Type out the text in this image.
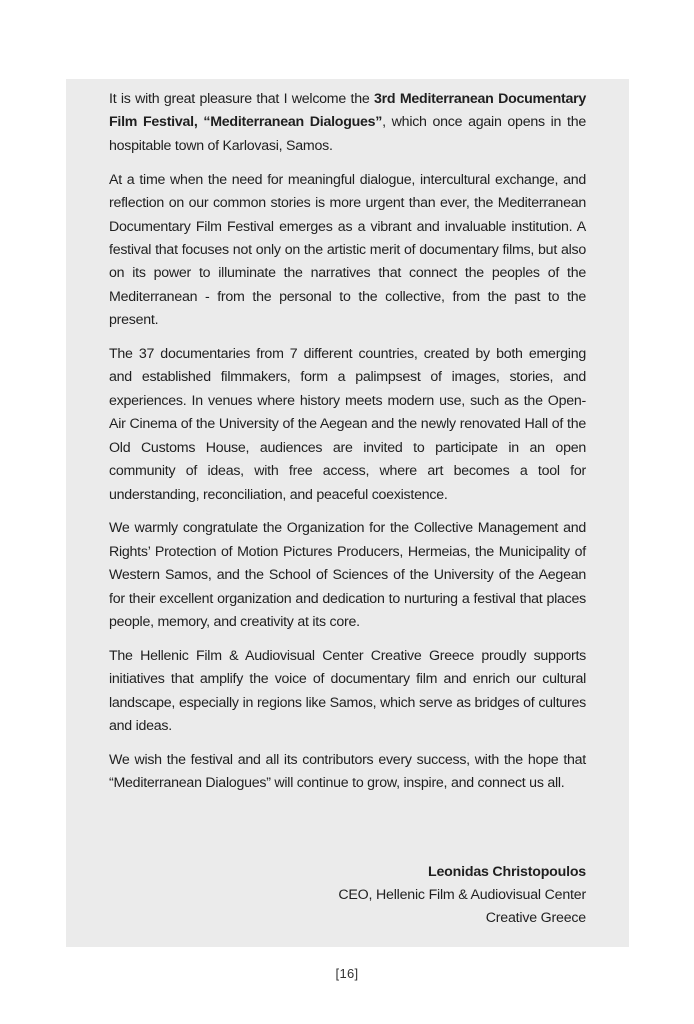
It is with great pleasure that I welcome the 3rd Mediterranean Documentary Film Festival, “Mediterranean Dialogues”, which once again opens in the hospitable town of Karlovasi, Samos.

At a time when the need for meaningful dialogue, intercultural exchange, and reflection on our common stories is more urgent than ever, the Mediterranean Documentary Film Festival emerges as a vibrant and invaluable institution. A festival that focuses not only on the artistic merit of documentary films, but also on its power to illuminate the narratives that connect the peoples of the Mediterranean - from the personal to the collective, from the past to the present.

The 37 documentaries from 7 different countries, created by both emerging and established filmmakers, form a palimpsest of images, stories, and experiences. In venues where history meets modern use, such as the Open-Air Cinema of the University of the Aegean and the newly renovated Hall of the Old Customs House, audiences are invited to participate in an open community of ideas, with free access, where art becomes a tool for understanding, reconciliation, and peaceful coexistence.

We warmly congratulate the Organization for the Collective Management and Rights’ Protection of Motion Pictures Producers, Hermeias, the Municipality of Western Samos, and the School of Sciences of the University of the Aegean for their excellent organization and dedication to nurturing a festival that places people, memory, and creativity at its core.

The Hellenic Film & Audiovisual Center Creative Greece proudly supports initiatives that amplify the voice of documentary film and enrich our cultural landscape, especially in regions like Samos, which serve as bridges of cultures and ideas.

We wish the festival and all its contributors every success, with the hope that “Mediterranean Dialogues” will continue to grow, inspire, and connect us all.

Leonidas Christopoulos
CEO, Hellenic Film & Audiovisual Center
Creative Greece
[16]
